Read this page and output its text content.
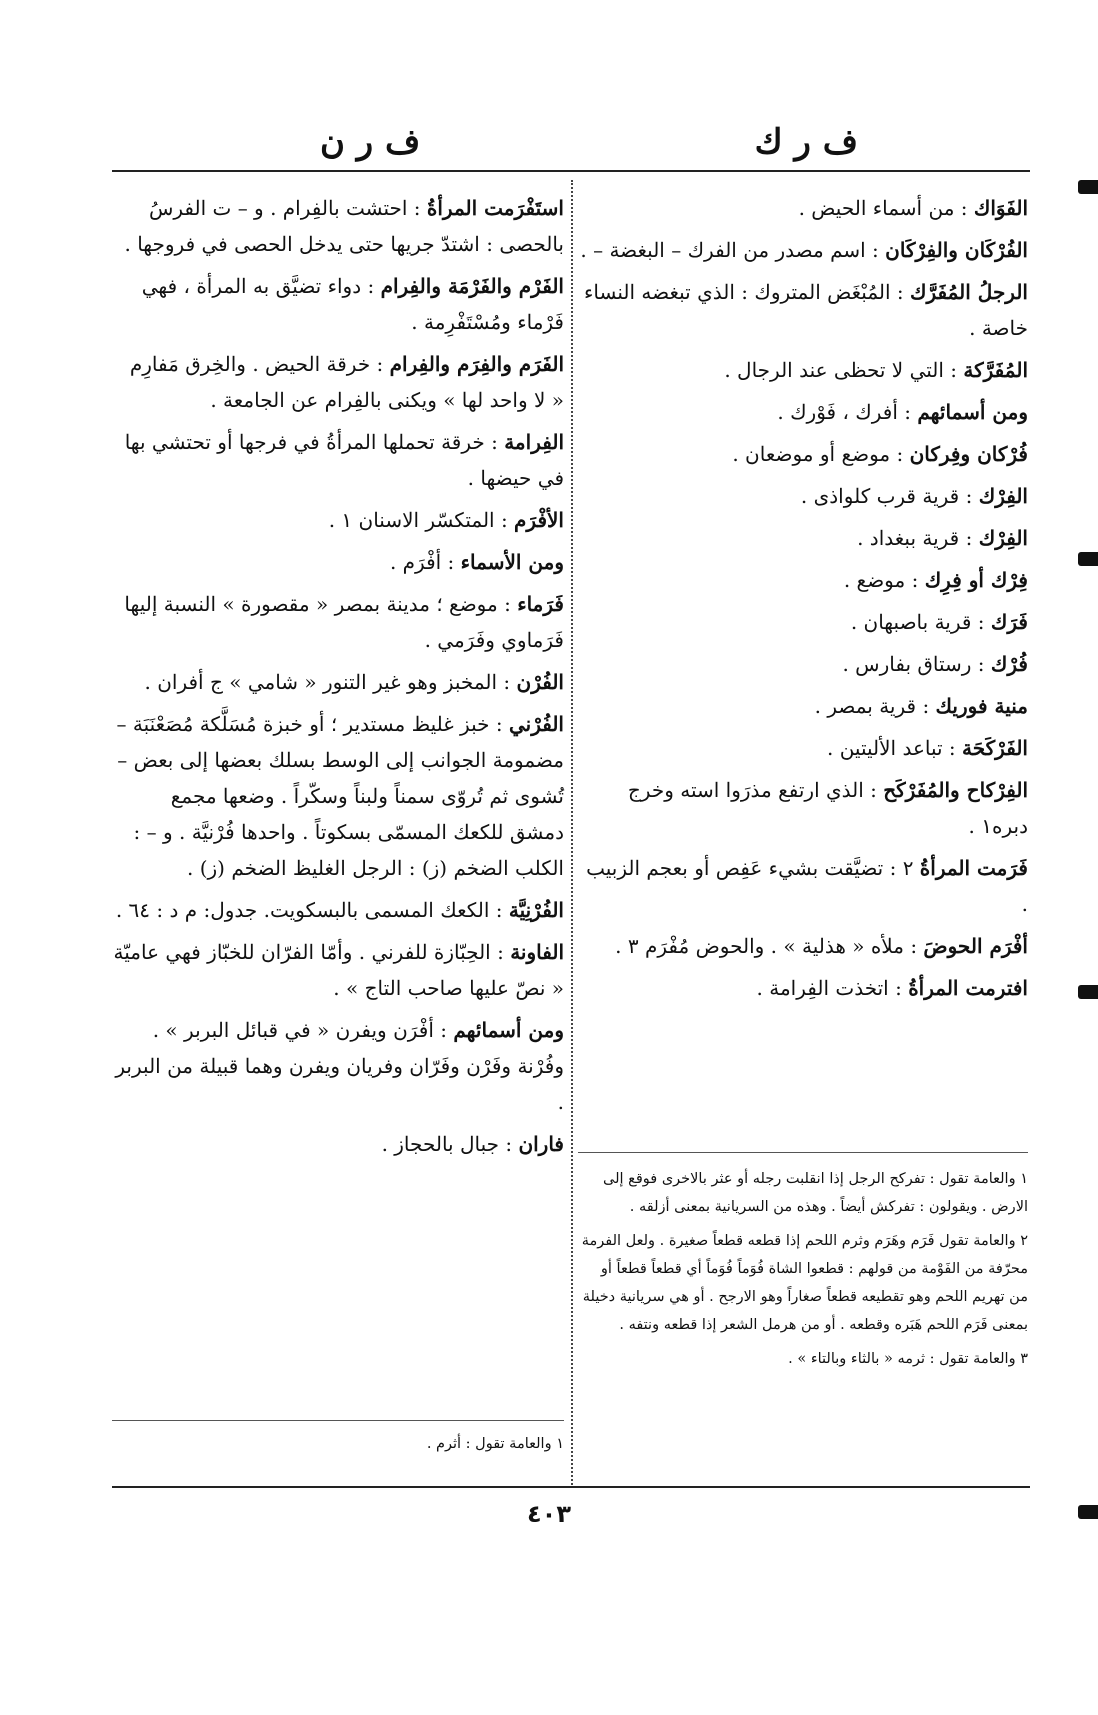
ف ر ك
ف ر ن
الفَوَاك : من أسماء الحيض .
الفُرْكَان والفِرْكَان : اسم مصدر من الفرك – البغضة – .
الرجلُ المُفَرَّك : المُبْغَض المتروك : الذي تبغضه النساء خاصة .
المُفَرَّكة : التي لا تحظى عند الرجال .
ومن أسمائهم : أفرك ، فَوْرك .
فُرْكان وفِركان : موضع أو موضعان .
الفِرْك : قرية قرب كلواذى .
الفِرْك : قرية ببغداد .
فِرْك أو فِرِك : موضع .
فَرَك : قرية باصبهان .
فُرْك : رستاق بفارس .
منية فوريك : قرية بمصر .
الفَرْكَحَة : تباعد الأليتين .
الفِرْكاح والمُفَرْكَح : الذي ارتفع مذرَوا استه وخرج دبره١ .
فَرَمت المرأةُ ٢ : تضيَّقت بشيء عَفِص أو بعجم الزبيب .
أفْرَم الحوضَ : ملأه « هذلية » . والحوض مُفْرَم ٣ .
افترمت المرأةُ : اتخذت الفِرامة .
١ والعامة تقول : تفركح الرجل إذا انقلبت رجله أو عثر بالاخرى فوقع إلى الارض . ويقولون : تفركش أيضاً . وهذه من السريانية بمعنى أزلقه .
٢ والعامة تقول فَرَم وهَرَم وثرم اللحم إذا قطعه قطعاً صغيرة . ولعل الفرمة محرّفة من الفَوْمة من قولهم : قطعوا الشاة فُوَماً فُوَماً أي قطعاً قطعاً أو من تهريم اللحم وهو تقطيعه قطعاً صغاراً وهو الارجح . أو هي سريانية دخيلة بمعنى فَرَم اللحم هَبَره وقطعه . أو من هرمل الشعر إذا قطعه ونتفه .
٣ والعامة تقول : ثرمه « بالثاء وبالتاء » .
استَفْرَمت المرأةُ : احتشت بالفِرام . و – ت الفرسُ بالحصى : اشتدّ جريها حتى يدخل الحصى في فروجها .
الفَرْم والفَرْمَة والفِرام : دواء تضيَّق به المرأة ، فهي فَرْماء ومُسْتَفْرِمة .
الفَرَم والفِرَم والفِرام : خرقة الحيض . والخِرق مَفارِم « لا واحد لها » ويكنى بالفِرام عن الجامعة .
الفِرامة : خرقة تحملها المرأةُ في فرجها أو تحتشي بها في حيضها .
الأفْرَم : المتكسّر الاسنان ١ .
ومن الأسماء : أفْرَم .
فَرَماء : موضع ؛ مدينة بمصر « مقصورة » النسبة إليها فَرَماوي وفَرَمي .
الفُرْن : المخبز وهو غير التنور « شامي » ج أفران .
الفُرْني : خبز غليظ مستدير ؛ أو خبزة مُسَلَّكة مُصَعْنَبَة – مضمومة الجوانب إلى الوسط بسلك بعضها إلى بعض – تُشوى ثم تُروّى سمناً ولبناً وسكّراً . وضعها مجمع دمشق للكعك المسمّى بسكوتاً . واحدها فُرْنيَّة . و – : الكلب الضخم (ز) : الرجل الغليظ الضخم (ز) .
الفُرْنِيَّة : الكعك المسمى بالبسكويت. جدول: م د : ٦٤ .
الفاونة : الحِبّازة للفرني . وأمّا الفرّان للخبّاز فهي عاميّة « نصّ عليها صاحب التاج » .
ومن أسمائهم : أفْرَن ويفرن « في قبائل البربر » . وفُرْنة وفَرْن وفَرّان وفريان ويفرن وهما قبيلة من البربر .
فاران : جبال بالحجاز .
١ والعامة تقول : أثرم .
٤٠٣
